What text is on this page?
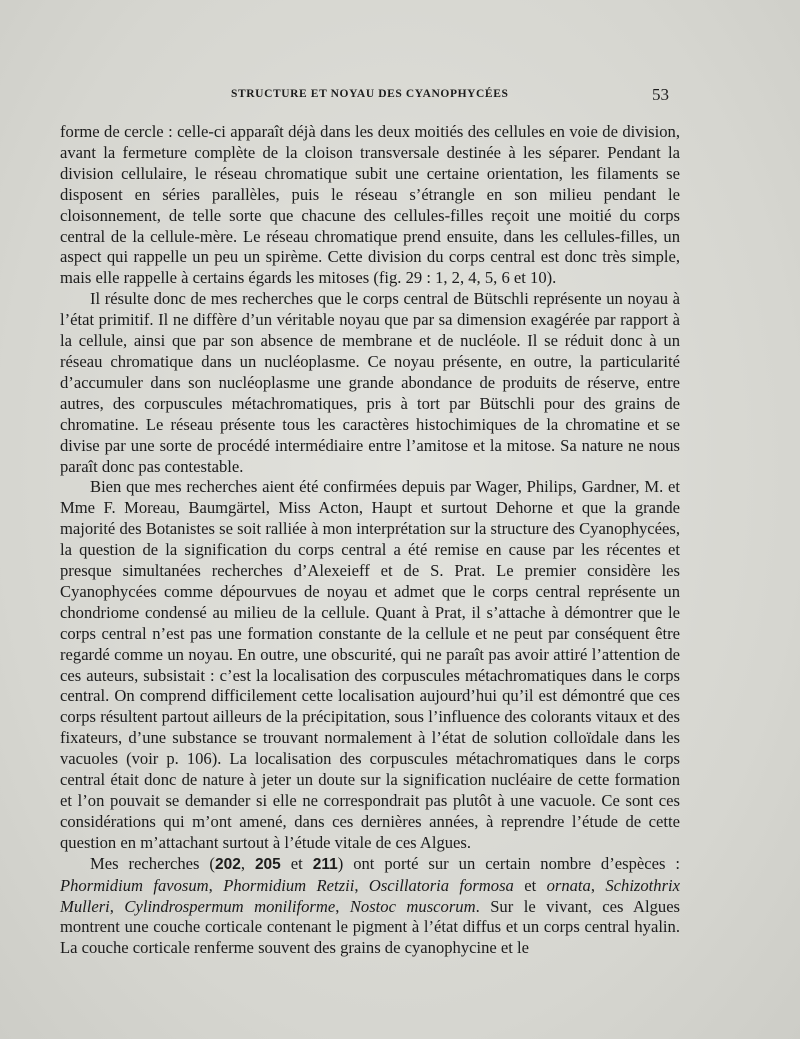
STRUCTURE ET NOYAU DES CYANOPHYCÉES	53

forme de cercle : celle-ci apparaît déjà dans les deux moitiés des cellules en voie de division, avant la fermeture complète de la cloison transversale destinée à les séparer. Pendant la division cellulaire, le réseau chromatique subit une certaine orientation, les filaments se disposent en séries parallèles, puis le réseau s’étrangle en son milieu pendant le cloisonnement, de telle sorte que chacune des cellules-filles reçoit une moitié du corps central de la cellule-mère. Le réseau chromatique prend ensuite, dans les cellules-filles, un aspect qui rappelle un peu un spirème. Cette division du corps central est donc très simple, mais elle rappelle à certains égards les mitoses (fig. 29 : 1, 2, 4, 5, 6 et 10).

Il résulte donc de mes recherches que le corps central de Bütschli représente un noyau à l’état primitif. Il ne diffère d’un véritable noyau que par sa dimension exagérée par rapport à la cellule, ainsi que par son absence de membrane et de nucléole. Il se réduit donc à un réseau chromatique dans un nucléoplasme. Ce noyau présente, en outre, la particularité d’accumuler dans son nucléoplasme une grande abondance de produits de réserve, entre autres, des corpuscules métachromatiques, pris à tort par Bütschli pour des grains de chromatine. Le réseau présente tous les caractères histochimiques de la chromatine et se divise par une sorte de procédé intermédiaire entre l’amitose et la mitose. Sa nature ne nous paraît donc pas contestable.

Bien que mes recherches aient été confirmées depuis par Wager, Philips, Gardner, M. et Mme F. Moreau, Baumgärtel, Miss Acton, Haupt et surtout Dehorne et que la grande majorité des Botanistes se soit ralliée à mon interprétation sur la structure des Cyanophycées, la question de la signification du corps central a été remise en cause par les récentes et presque simultanées recherches d’Alexeieff et de S. Prat. Le premier considère les Cyanophycées comme dépourvues de noyau et admet que le corps central représente un chondriome condensé au milieu de la cellule. Quant à Prat, il s’attache à démontrer que le corps central n’est pas une formation constante de la cellule et ne peut par conséquent être regardé comme un noyau. En outre, une obscurité, qui ne paraît pas avoir attiré l’attention de ces auteurs, subsistait : c’est la localisation des corpuscules métachromatiques dans le corps central. On comprend difficilement cette localisation aujourd’hui qu’il est démontré que ces corps résultent partout ailleurs de la précipitation, sous l’influence des colorants vitaux et des fixateurs, d’une substance se trouvant normalement à l’état de solution colloïdale dans les vacuoles (voir p. 106). La localisation des corpuscules métachromatiques dans le corps central était donc de nature à jeter un doute sur la signification nucléaire de cette formation et l’on pouvait se demander si elle ne correspondrait pas plutôt à une vacuole. Ce sont ces considérations qui m’ont amené, dans ces dernières années, à reprendre l’étude de cette question en m’attachant surtout à l’étude vitale de ces Algues.

Mes recherches (202, 205 et 211) ont porté sur un certain nombre d’espèces : Phormidium favosum, Phormidium Retzii, Oscillatoria formosa et ornata, Schizothrix Mulleri, Cylindrospermum moniliforme, Nostoc muscorum. Sur le vivant, ces Algues montrent une couche corticale contenant le pigment à l’état diffus et un corps central hyalin. La couche corticale renferme souvent des grains de cyanophycine et le
